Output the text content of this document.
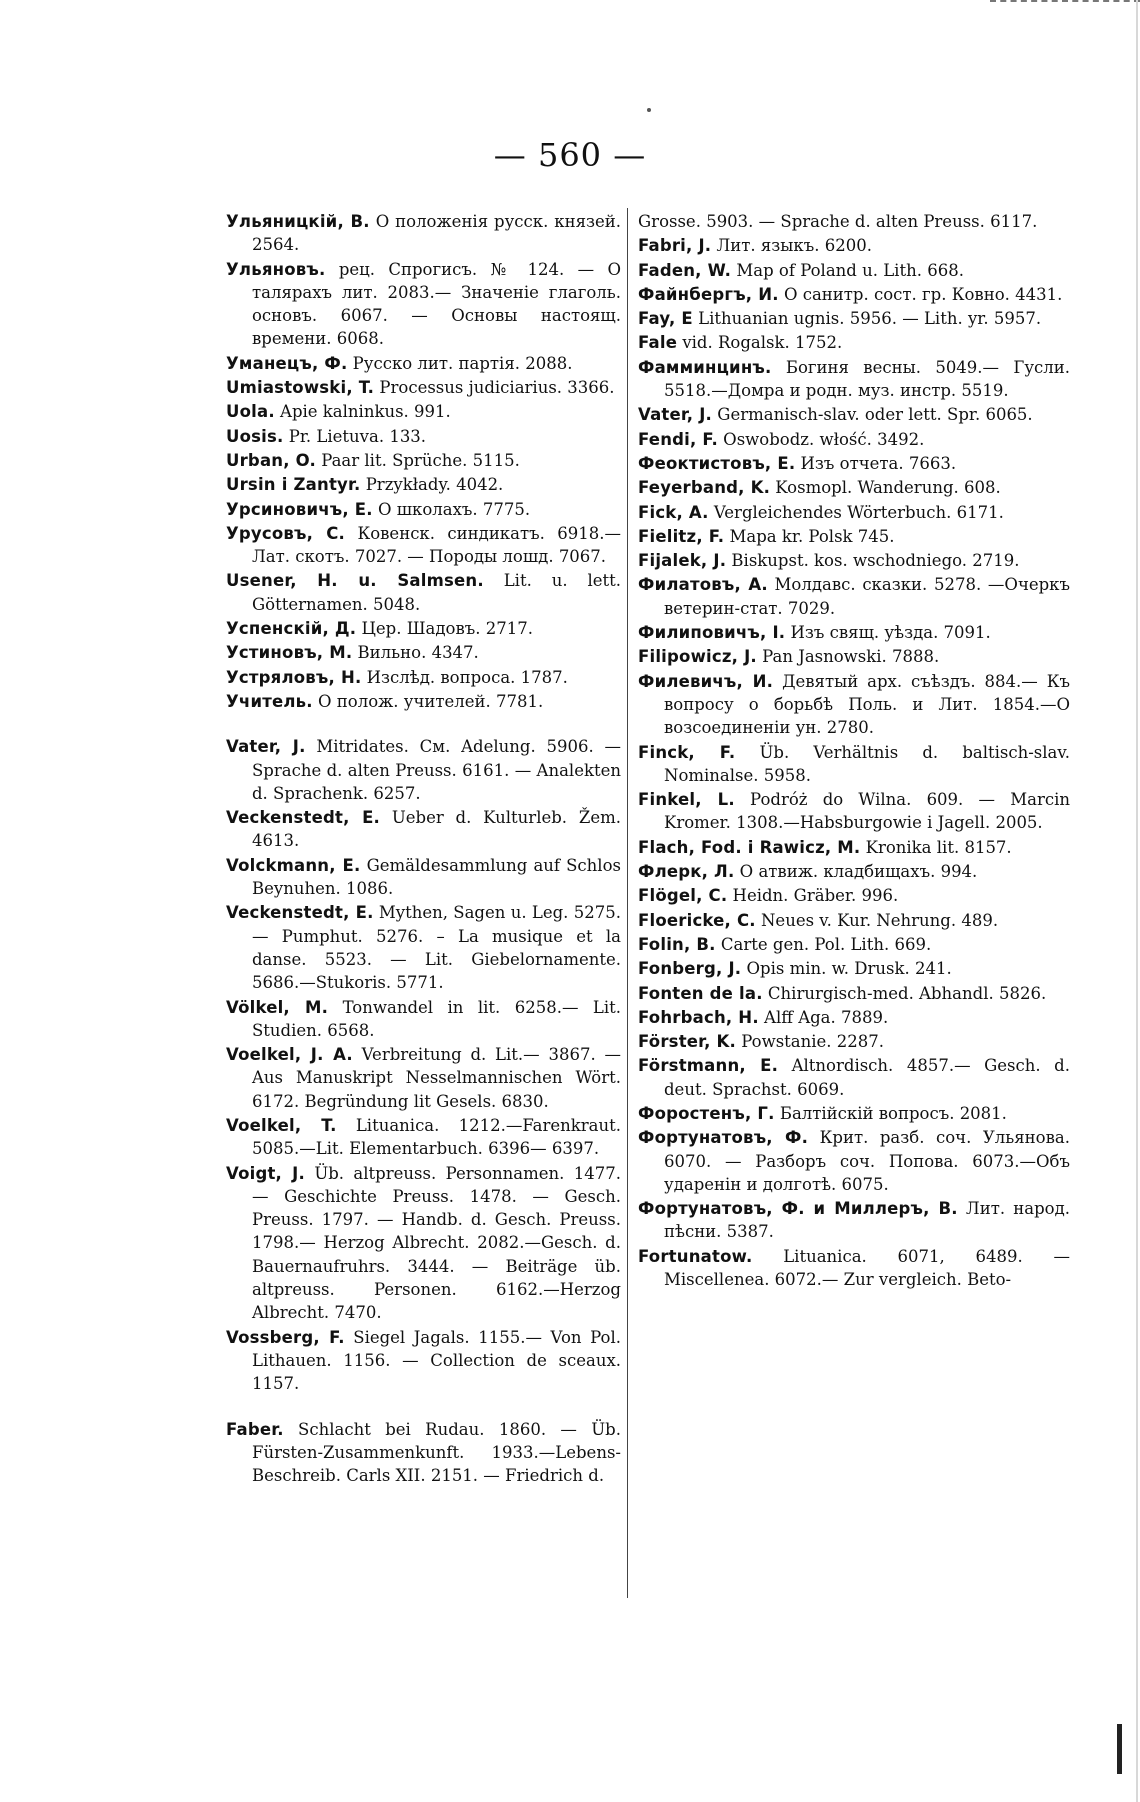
— 560 —

Ульяницкій, В. О положенія русск. князей. 2564.

Ульяновъ. рец. Спрогисъ. № 124. — О талярахъ лит. 2083.— Значеніе глаголь. основъ. 6067. — Основы настоящ. времени. 6068.

Уманецъ, Ф. Русско лит. партія. 2088.

Umiastowski, T. Processus judiciarius. 3366.

Uola. Apie kalninkus. 991.

Uosis. Pr. Lietuva. 133.

Urban, O. Paar lit. Sprüche. 5115.

Ursin i Zantyr. Przykłady. 4042.

Урсиновичъ, Е. О школахъ. 7775.

Урусовъ, С. Ковенск. синдикатъ. 6918.— Лат. скотъ. 7027. — Породы лошд. 7067.

Usener, H. u. Salmsen. Lit. u. lett. Götternamen. 5048.

Успенскій, Д. Цер. Шадовъ. 2717.

Устиновъ, М. Вильно. 4347.

Устряловъ, Н. Изслѣд. вопроса. 1787.

Учитель. О полож. учителей. 7781.

Vater, J. Mitridates. См. Adelung. 5906. — Sprache d. alten Preuss. 6161. — Analekten d. Sprachenk. 6257.

Veckenstedt, E. Ueber d. Kulturleb. Žem. 4613.

Volckmann, E. Gemäldesammlung auf Schlos Beynuhen. 1086.

Veckenstedt, E. Mythen, Sagen u. Leg. 5275.— Pumphut. 5276. – La musique et la danse. 5523. — Lit. Giebelornamente. 5686.—Stukoris. 5771.

Völkel, M. Tonwandel in lit. 6258.— Lit. Studien. 6568.

Voelkel, J. A. Verbreitung d. Lit.— 3867. — Aus Manuskript Nesselmannischen Wört. 6172. Begründung lit Gesels. 6830.

Voelkel, T. Lituanica. 1212.—Farenkraut. 5085.—Lit. Elementarbuch. 6396— 6397.

Voigt, J. Üb. altpreuss. Personnamen. 1477. — Geschichte Preuss. 1478. — Gesch. Preuss. 1797. — Handb. d. Gesch. Preuss. 1798.— Herzog Albrecht. 2082.—Gesch. d. Bauernaufruhrs. 3444. — Beiträge üb. altpreuss. Personen. 6162.—Herzog Albrecht. 7470.

Vossberg, F. Siegel Jagals. 1155.— Von Pol. Lithauen. 1156. — Collection de sceaux. 1157.

Faber. Schlacht bei Rudau. 1860. — Üb. Fürsten-Zusammenkunft. 1933.—Lebens-Beschreib. Carls XII. 2151. — Friedrich d.

Grosse. 5903. — Sprache d. alten Preuss. 6117.

Fabri, J. Лит. языкъ. 6200.

Faden, W. Map of Poland u. Lith. 668.

Файнбергъ, И. О санитр. сост. гр. Ковно. 4431.

Fay, E Lithuanian ugnis. 5956. — Lith. yr. 5957.

Fale vid. Rogalsk. 1752.

Фамминцинъ. Богиня весны. 5049.— Гусли. 5518.—Домра и родн. муз. инстр. 5519.

Vater, J. Germanisch-slav. oder lett. Spr. 6065.

Fendi, F. Oswobodz. włość. 3492.

Феоктистовъ, Е. Изъ отчета. 7663.

Feyerband, K. Kosmopl. Wanderung. 608.

Fick, A. Vergleichendes Wörterbuch. 6171.

Fielitz, F. Mapa kr. Polsk 745.

Fijalek, J. Biskupst. kos. wschodniego. 2719.

Филатовъ, А. Молдавс. сказки. 5278. —Очеркъ ветерин-стат. 7029.

Филиповичъ, I. Изъ свящ. уѣзда. 7091.

Filipowicz, J. Pan Jasnowski. 7888.

Филевичъ, И. Девятый арх. съѣздъ. 884.— Къ вопросу о борьбѣ Поль. и Лит. 1854.—О возсоединеніи ун. 2780.

Finck, F. Üb. Verhältnis d. baltisch-slav. Nominalse. 5958.

Finkel, L. Podróż do Wilna. 609. — Marcin Kromer. 1308.—Habsburgowie i Jagell. 2005.

Flach, Fod. i Rawicz, M. Kronika lit. 8157.

Флерк, Л. О атвиж. кладбищахъ. 994.

Flögel, C. Heidn. Gräber. 996.

Floericke, C. Neues v. Kur. Nehrung. 489.

Folin, B. Carte gen. Pol. Lith. 669.

Fonberg, J. Opis min. w. Drusk. 241.

Fonten de la. Chirurgisch-med. Abhandl. 5826.

Fohrbach, H. Alff Aga. 7889.

Förster, K. Powstanie. 2287.

Förstmann, E. Altnordisch. 4857.— Gesch. d. deut. Sprachst. 6069.

Форостенъ, Г. Балтійскій вопросъ. 2081.

Фортунатовъ, Ф. Крит. разб. соч. Ульянова. 6070. — Разборъ соч. Поповa. 6073.—Объ ударенін и долготѣ. 6075.

Фортунатовъ, Ф. и Миллеръ, В. Лит. народ. пѣсни. 5387.

Fortunatow. Lituanica. 6071, 6489. —Miscellenea. 6072.— Zur vergleich. Beto-
